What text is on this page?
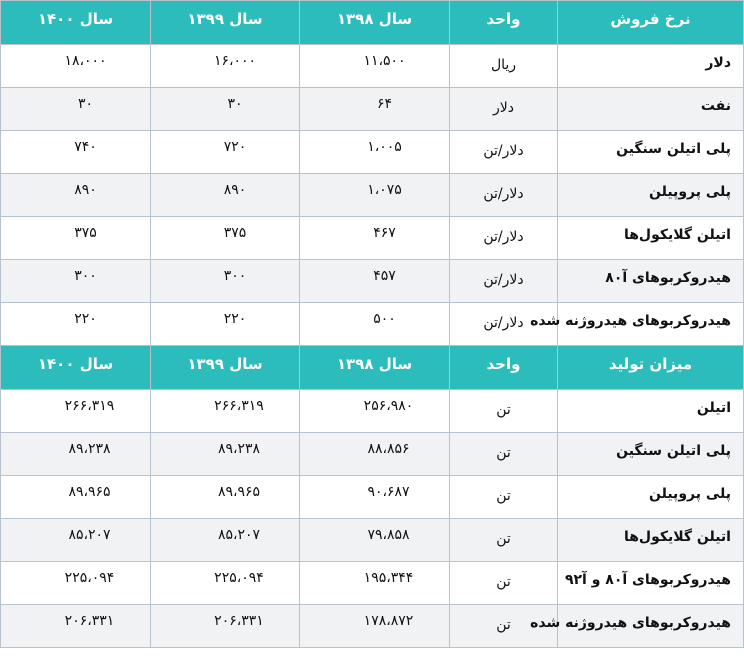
نرخ فروش	واحد	سال ۱۳۹۸	سال ۱۳۹۹	سال ۱۴۰۰
دلار	ریال	۱۱،۵۰۰	۱۶،۰۰۰	۱۸،۰۰۰
نفت	دلار	۶۴	۳۰	۳۰
پلی اتیلن سنگین	دلار/تن	۱،۰۰۵	۷۲۰	۷۴۰
پلی پروپیلن	دلار/تن	۱،۰۷۵	۸۹۰	۸۹۰
اتیلن گلایکول‌ها	دلار/تن	۴۶۷	۳۷۵	۳۷۵
هیدروکربوهای آ۸۰	دلار/تن	۴۵۷	۳۰۰	۳۰۰
هیدروکربوهای هیدروژنه شده	دلار/تن	۵۰۰	۲۲۰	۲۲۰
میزان تولید	واحد	سال ۱۳۹۸	سال ۱۳۹۹	سال ۱۴۰۰
اتیلن	تن	۲۵۶،۹۸۰	۲۶۶،۳۱۹	۲۶۶،۳۱۹
پلی اتیلن سنگین	تن	۸۸،۸۵۶	۸۹،۲۳۸	۸۹،۲۳۸
پلی پروپیلن	تن	۹۰،۶۸۷	۸۹،۹۶۵	۸۹،۹۶۵
اتیلن گلایکول‌ها	تن	۷۹،۸۵۸	۸۵،۲۰۷	۸۵،۲۰۷
هیدروکربوهای آ۸۰ و آ۹۲	تن	۱۹۵،۳۴۴	۲۲۵،۰۹۴	۲۲۵،۰۹۴
هیدروکربوهای هیدروژنه شده	تن	۱۷۸،۸۷۲	۲۰۶،۳۳۱	۲۰۶،۳۳۱
